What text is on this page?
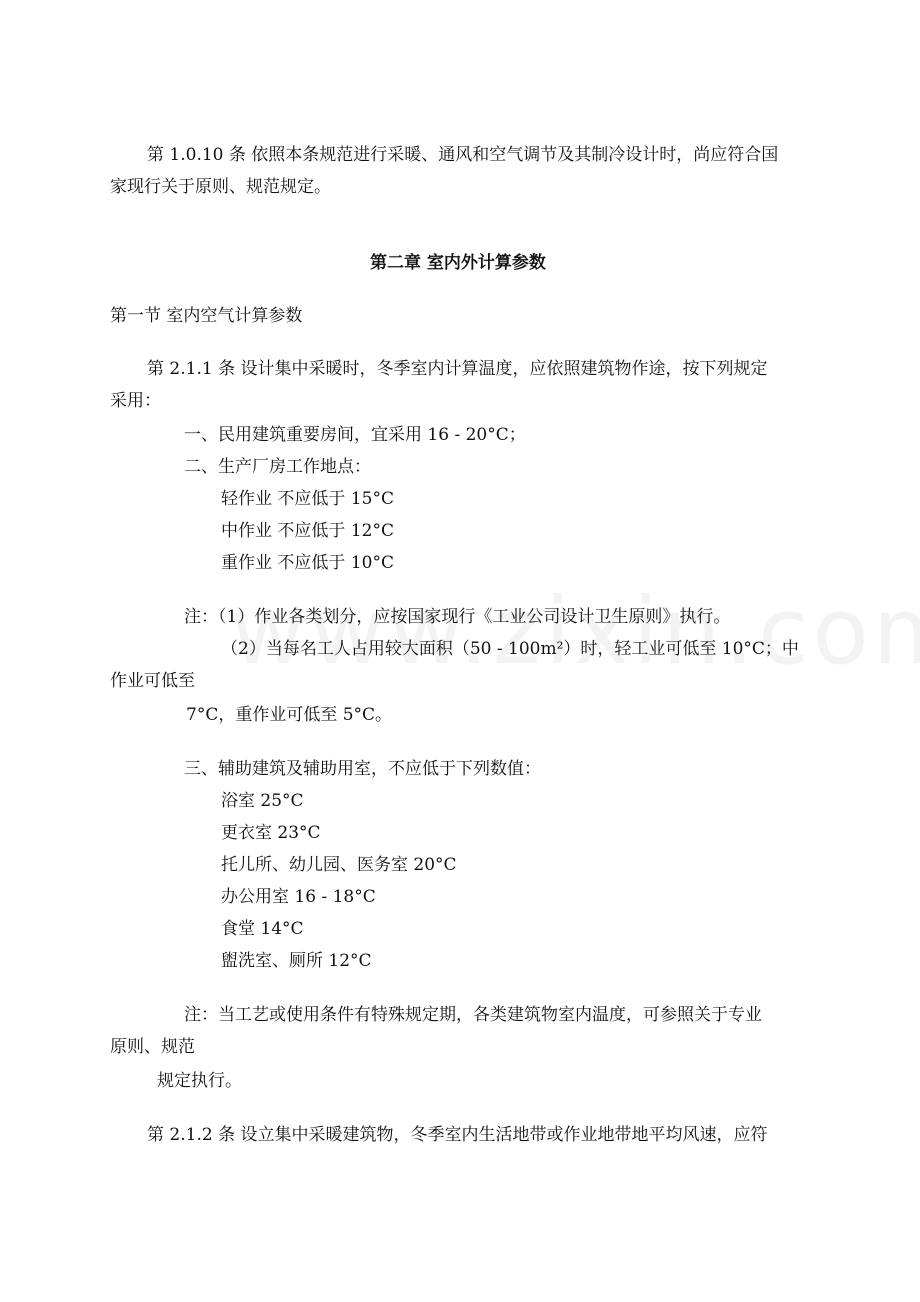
第 1.0.10 条 依照本条规范进行采暖、通风和空气调节及其制冷设计时，尚应符合国
家现行关于原则、规范规定。
第二章 室内外计算参数
第一节 室内空气计算参数
第 2.1.1 条 设计集中采暖时，冬季室内计算温度，应依照建筑物作途，按下列规定
采用：
一、民用建筑重要房间，宜采用 16 - 20°C；
二、生产厂房工作地点：
轻作业 不应低于 15°C
中作业 不应低于 12°C
重作业 不应低于 10°C
注：（1）作业各类划分，应按国家现行《工业公司设计卫生原则》执行。
（2）当每名工人占用较大面积（50 - 100m²）时，轻工业可低至 10°C；中
作业可低至
7°C，重作业可低至 5°C。
三、辅助建筑及辅助用室，不应低于下列数值：
浴室 25°C
更衣室 23°C
托儿所、幼儿园、医务室 20°C
办公用室 16 - 18°C
食堂 14°C
盥洗室、厕所 12°C
注：当工艺或使用条件有特殊规定期，各类建筑物室内温度，可参照关于专业
原则、规范
规定执行。
第 2.1.2 条 设立集中采暖建筑物，冬季室内生活地带或作业地带地平均风速，应符
